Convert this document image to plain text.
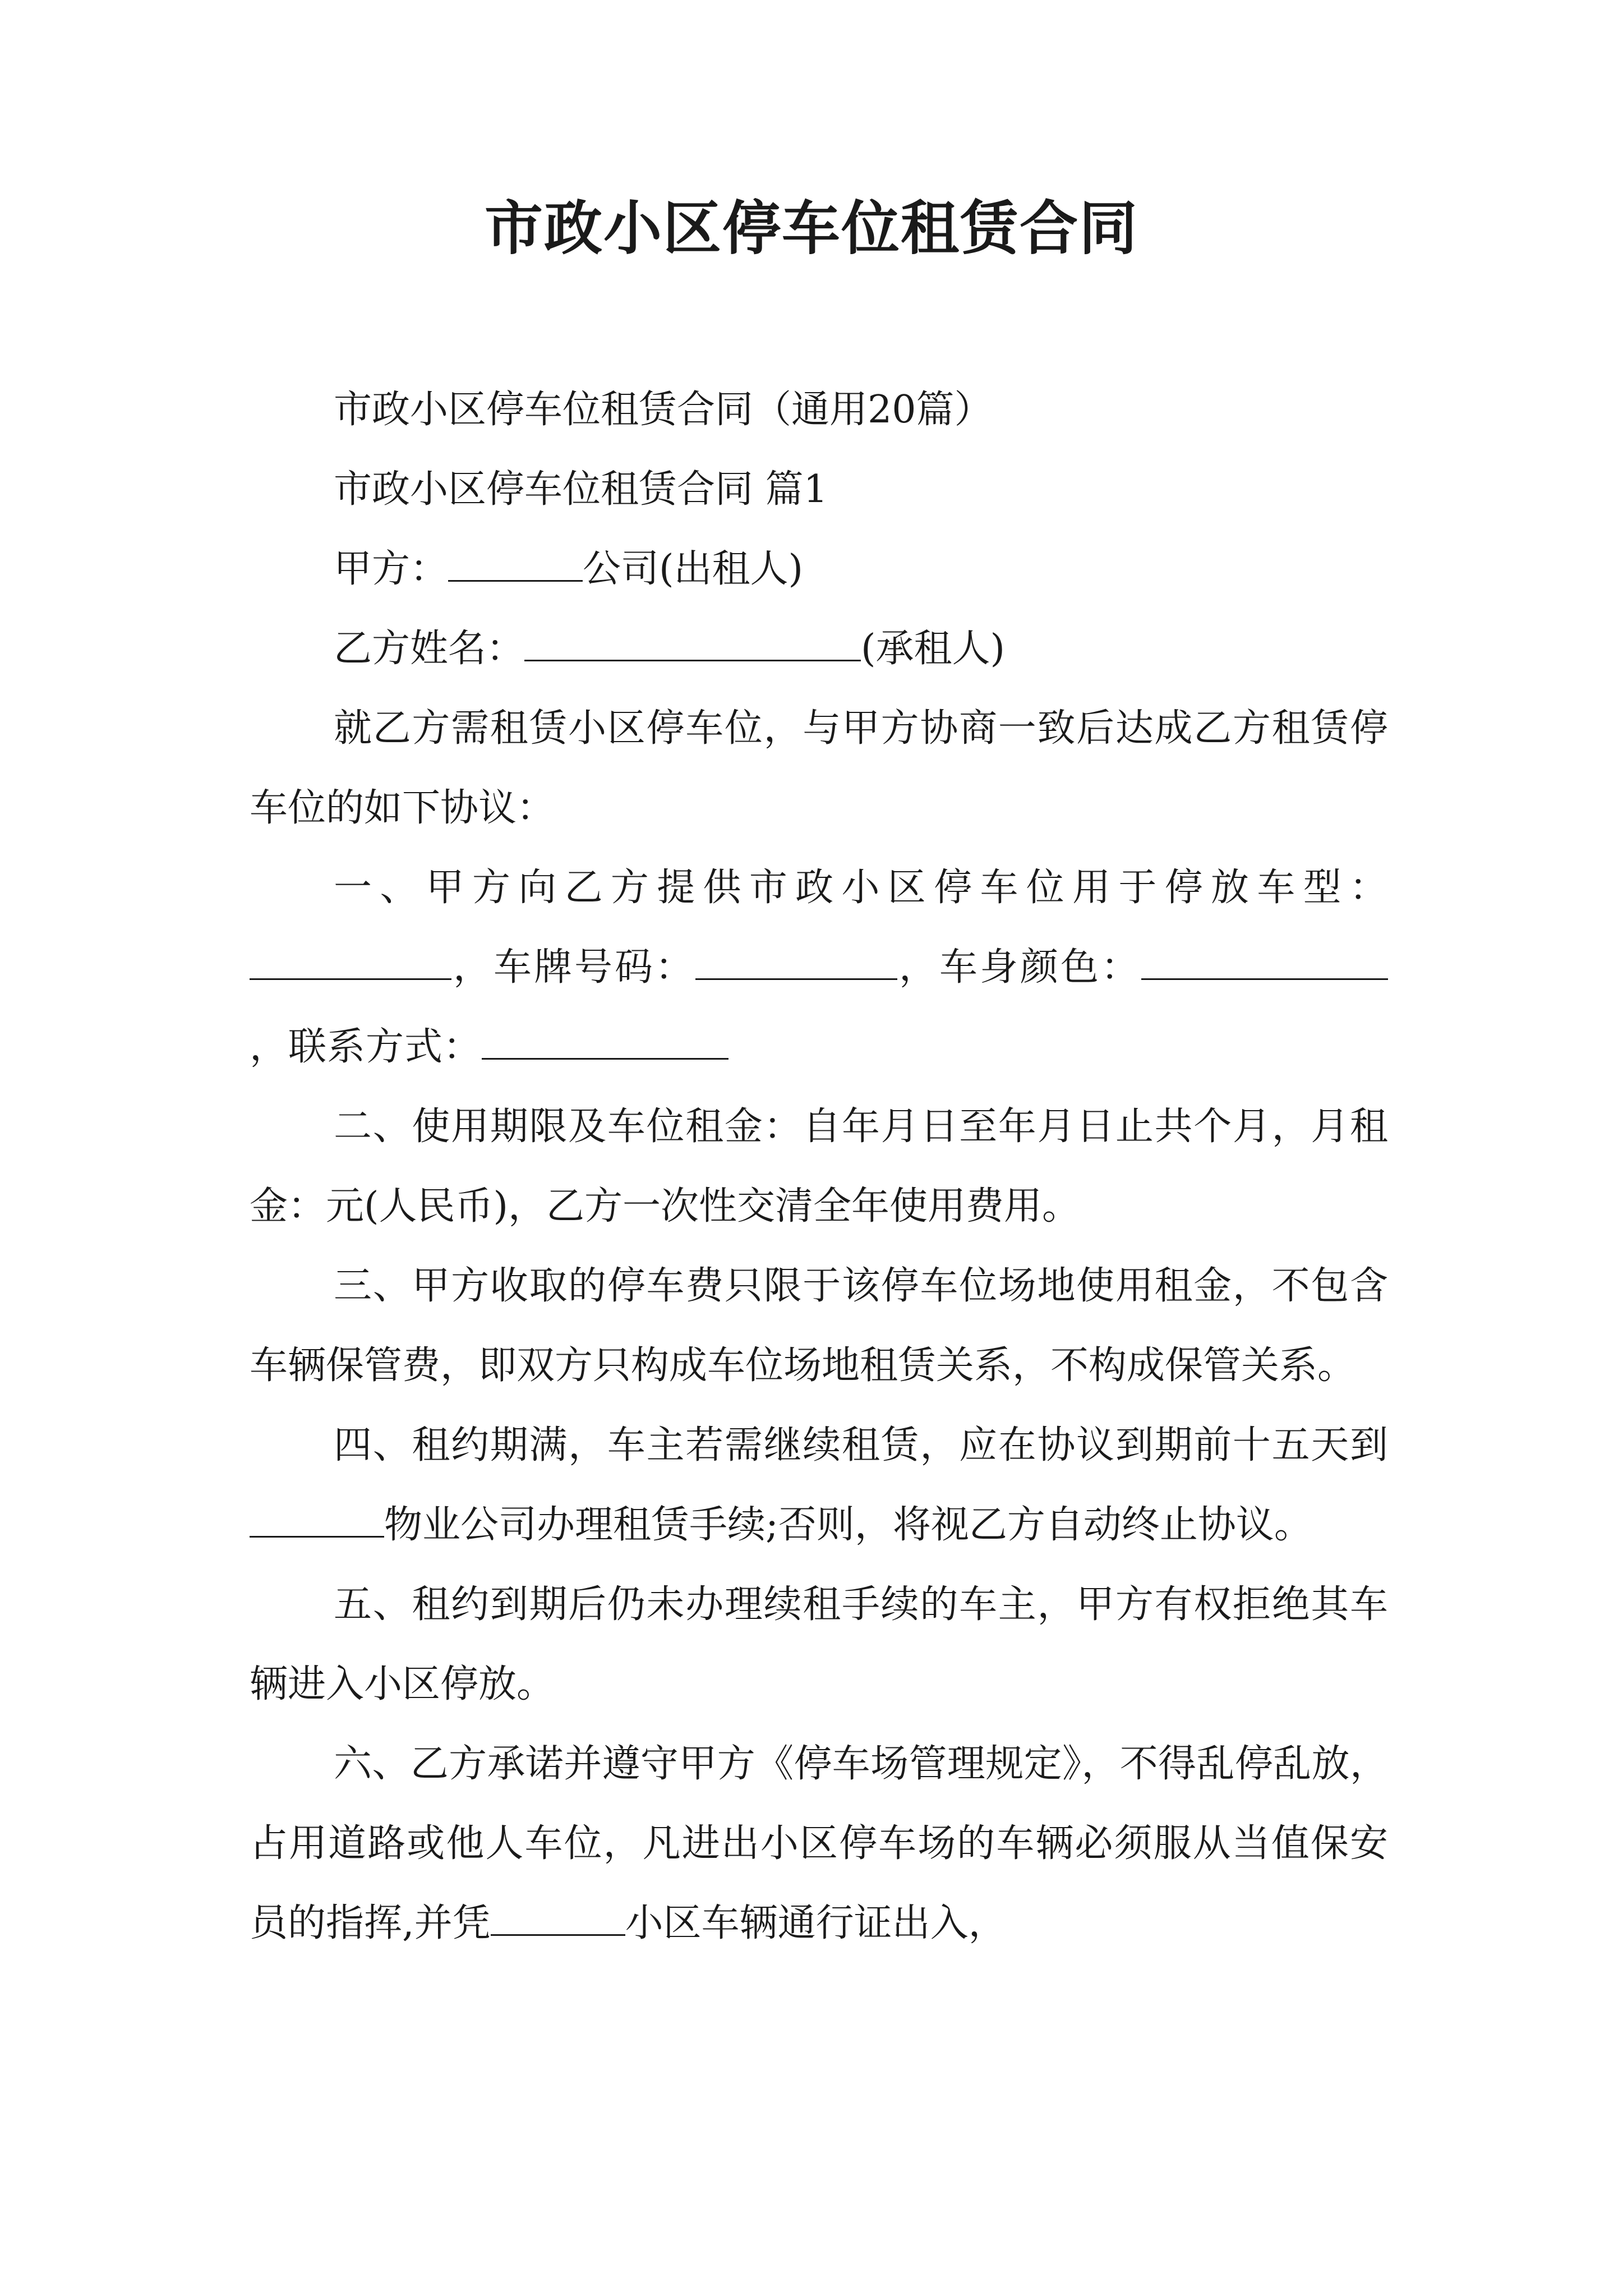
市政小区停车位租赁合同

市政小区停车位租赁合同（通用20篇）

市政小区停车位租赁合同 篇1

甲方：	公司(出租人)

乙方姓名：	(承租人)

就乙方需租赁小区停车位，与甲方协商一致后达成乙方租赁停车位的如下协议：

一、甲方向乙方提供市政小区停车位用于停放车型：，车牌号码：	，车身颜色：，联系方式：

二、使用期限及车位租金：自年月日至年月日止共个月，月租金：元(人民币)，乙方一次性交清全年使用费用。

三、甲方收取的停车费只限于该停车位场地使用租金，不包含车辆保管费，即双方只构成车位场地租赁关系，不构成保管关系。

四、租约期满，车主若需继续租赁，应在协议到期前十五天到物业公司办理租赁手续;否则，将视乙方自动终止协议。

五、租约到期后仍未办理续租手续的车主，甲方有权拒绝其车辆进入小区停放。

六、乙方承诺并遵守甲方《停车场管理规定》，不得乱停乱放，占用道路或他人车位，凡进出小区停车场的车辆必须服从当值保安员的指挥,并凭	小区车辆通行证出入，
